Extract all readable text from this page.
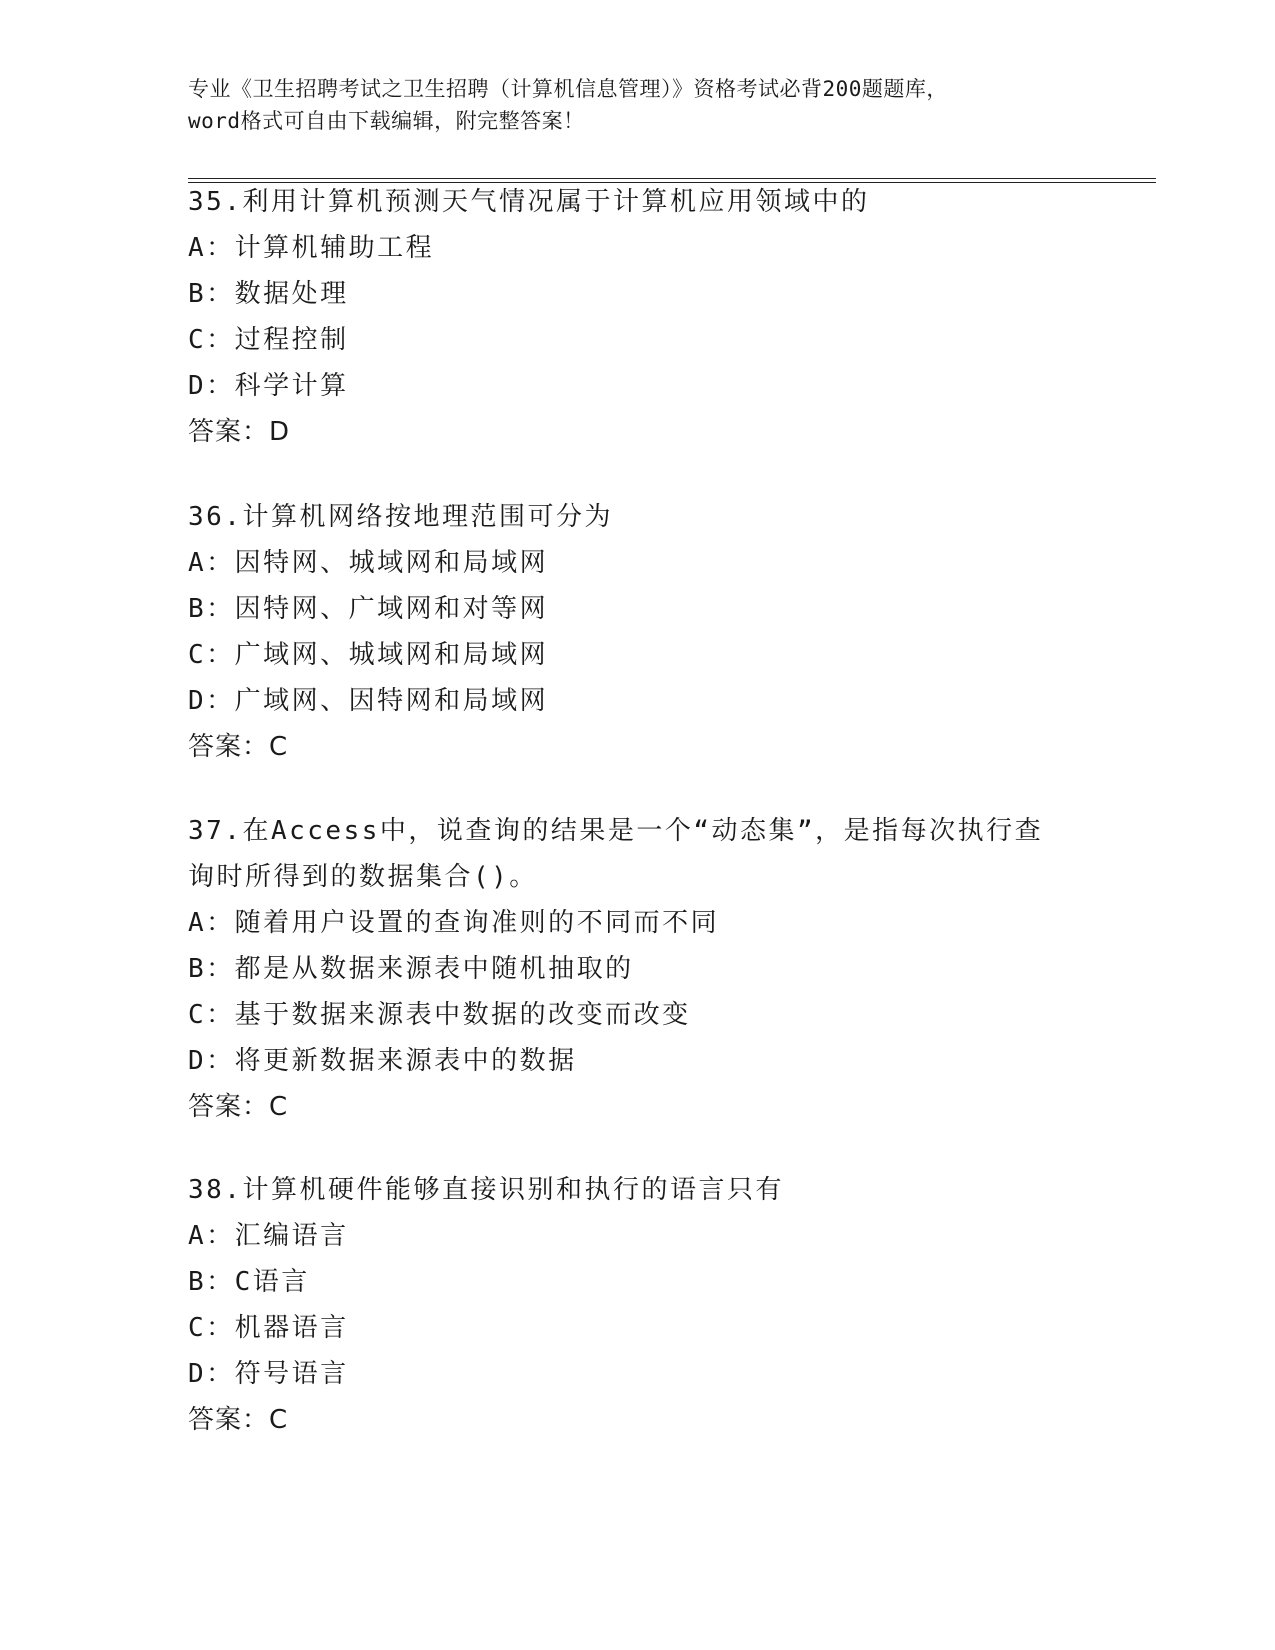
专业《卫生招聘考试之卫生招聘（计算机信息管理）》资格考试必背200题题库，
word格式可自由下载编辑，附完整答案！
35.利用计算机预测天气情况属于计算机应用领域中的
A：计算机辅助工程
B：数据处理
C：过程控制
D：科学计算
答案：D
36.计算机网络按地理范围可分为
A：因特网、城域网和局域网
B：因特网、广域网和对等网
C：广域网、城域网和局域网
D：广域网、因特网和局域网
答案：C
37.在Access中，说查询的结果是一个“动态集”，是指每次执行查
询时所得到的数据集合()。
A：随着用户设置的查询准则的不同而不同
B：都是从数据来源表中随机抽取的
C：基于数据来源表中数据的改变而改变
D：将更新数据来源表中的数据
答案：C
38.计算机硬件能够直接识别和执行的语言只有
A：汇编语言
B：C语言
C：机器语言
D：符号语言
答案：C
